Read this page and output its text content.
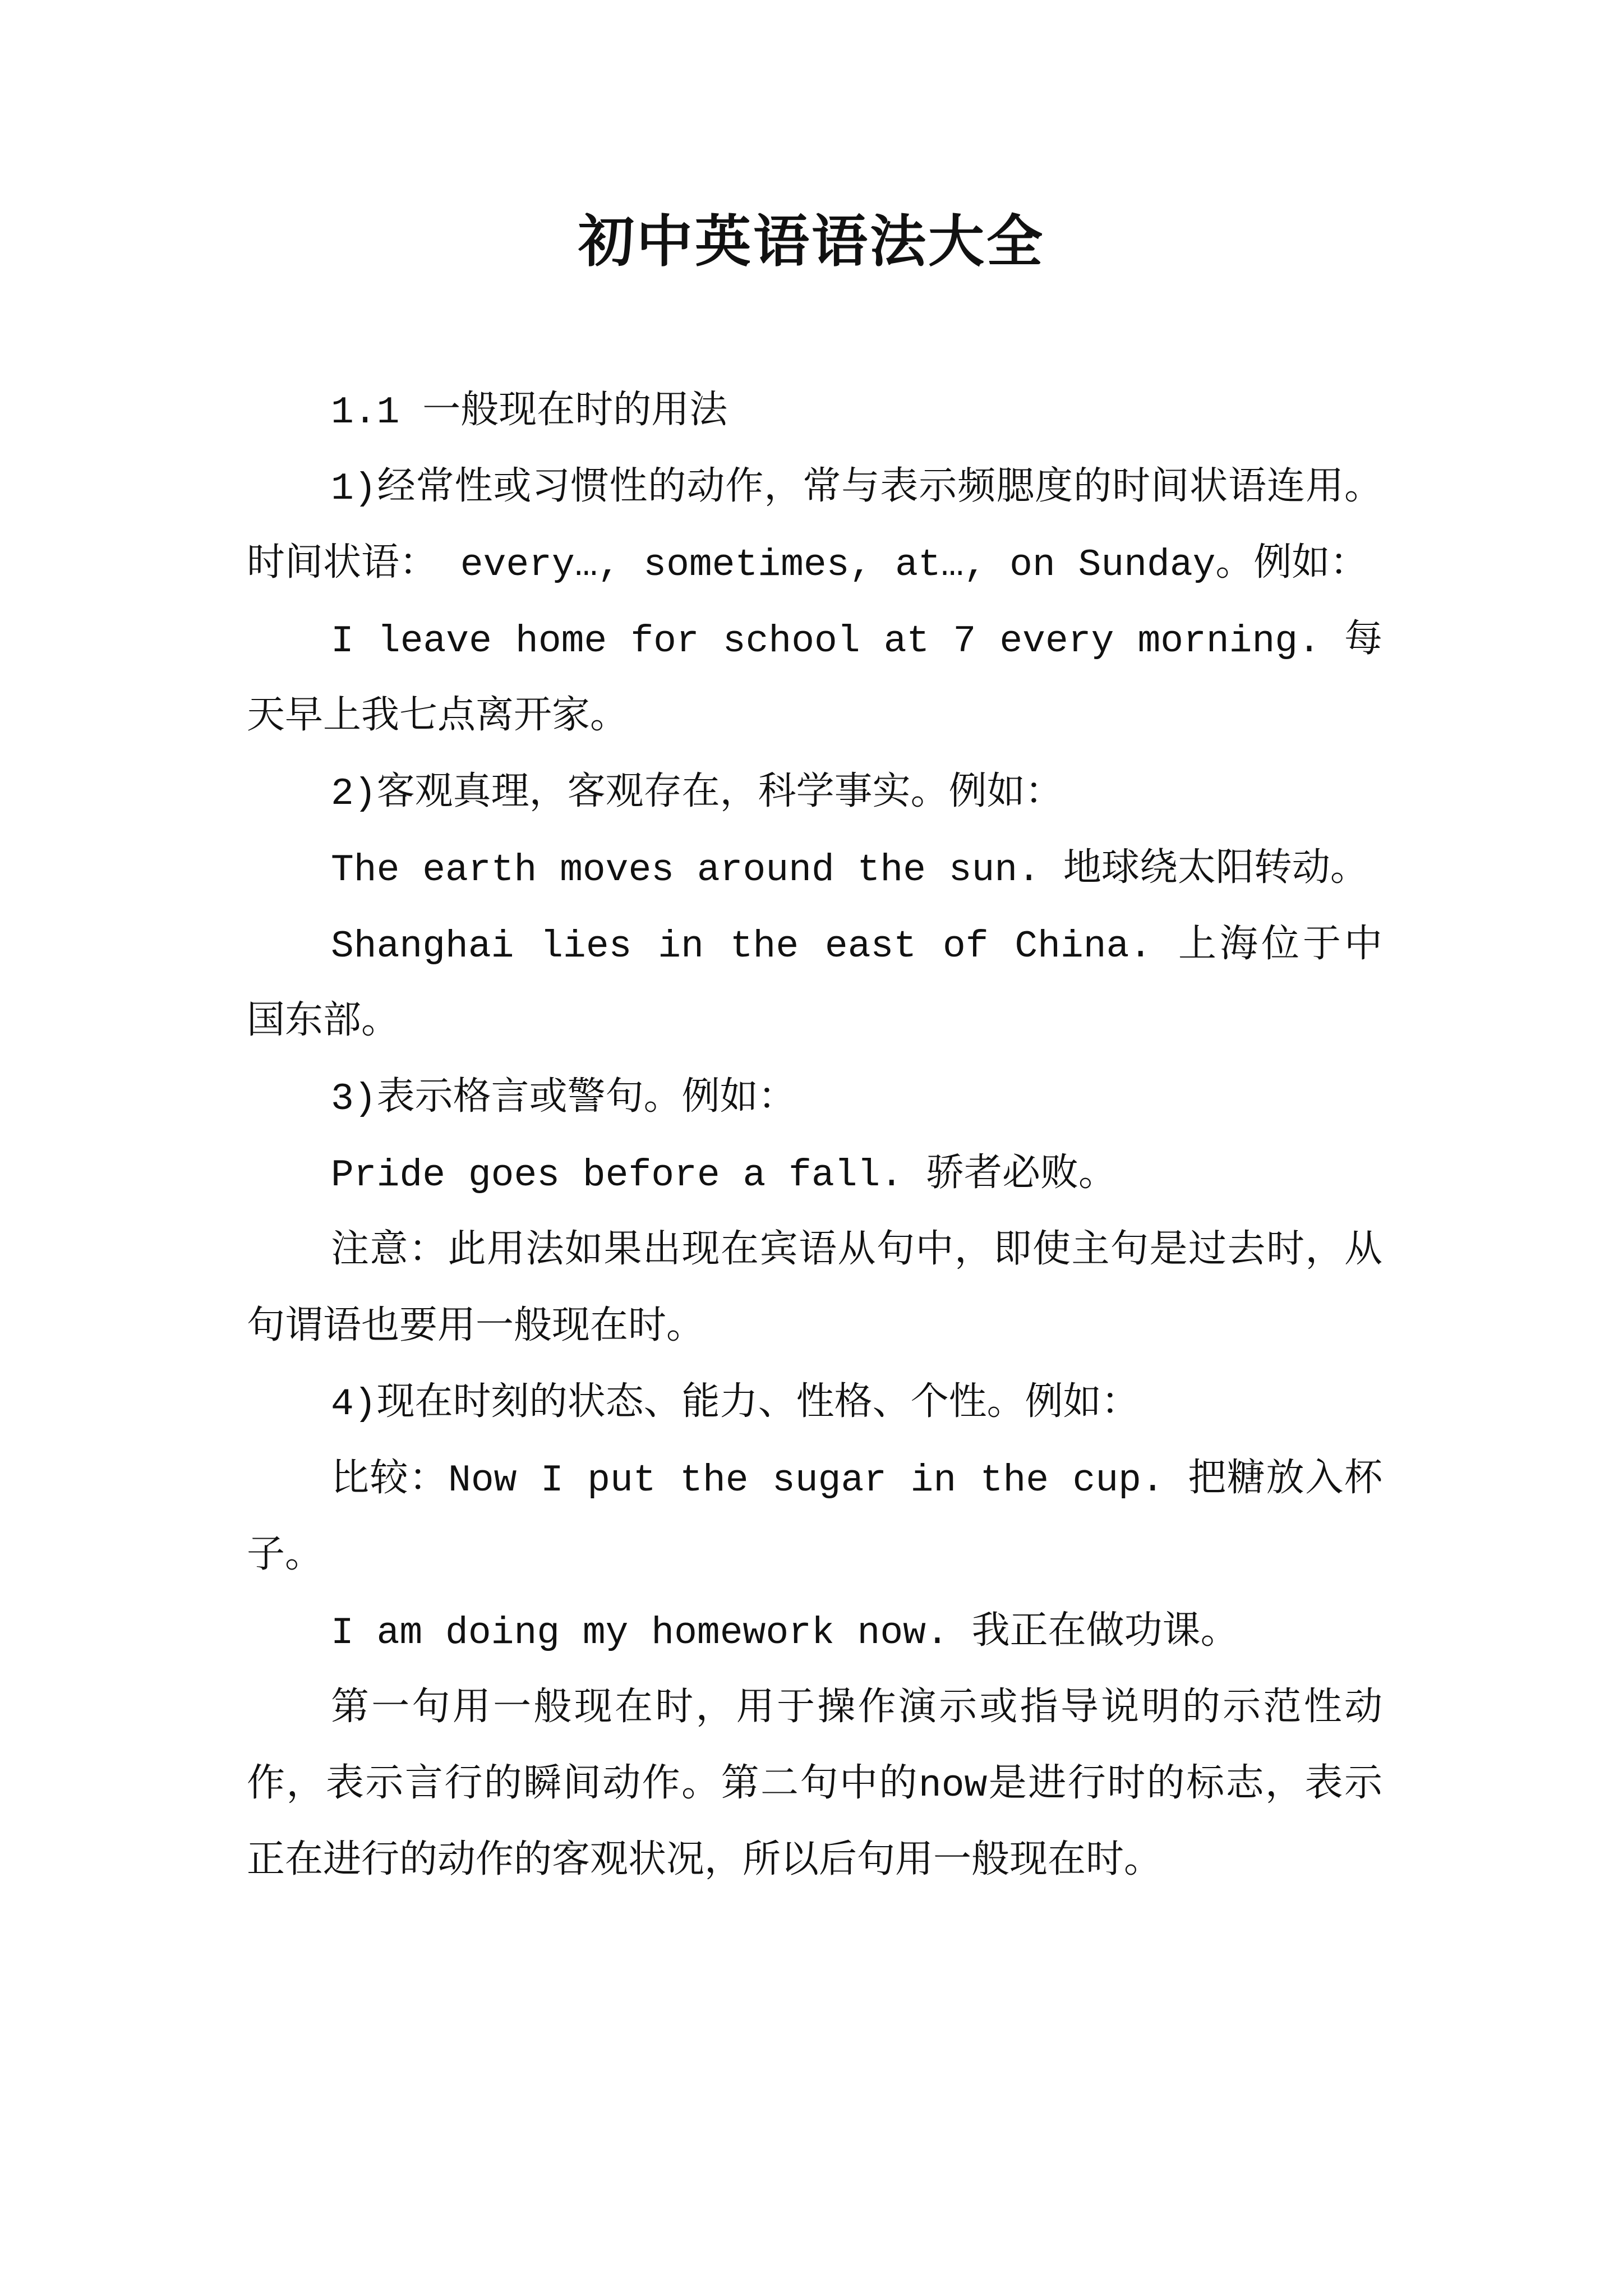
初中英语语法大全

1.1 一般现在时的用法

1)经常性或习惯性的动作，常与表示频腮度的时间状语连用。时间状语： every…, sometimes, at…, on Sunday。例如：

I leave home for school at 7 every morning. 每天早上我七点离开家。

2)客观真理，客观存在，科学事实。例如：

The earth moves around the sun. 地球绕太阳转动。

Shanghai lies in the east of China. 上海位于中国东部。

3)表示格言或警句。例如：

Pride goes before a fall. 骄者必败。

注意：此用法如果出现在宾语从句中，即使主句是过去时，从句谓语也要用一般现在时。

4)现在时刻的状态、能力、性格、个性。例如：

比较：Now I put the sugar in the cup. 把糖放入杯子。

I am doing my homework now. 我正在做功课。

第一句用一般现在时，用于操作演示或指导说明的示范性动作，表示言行的瞬间动作。第二句中的now是进行时的标志，表示正在进行的动作的客观状况，所以后句用一般现在时。
